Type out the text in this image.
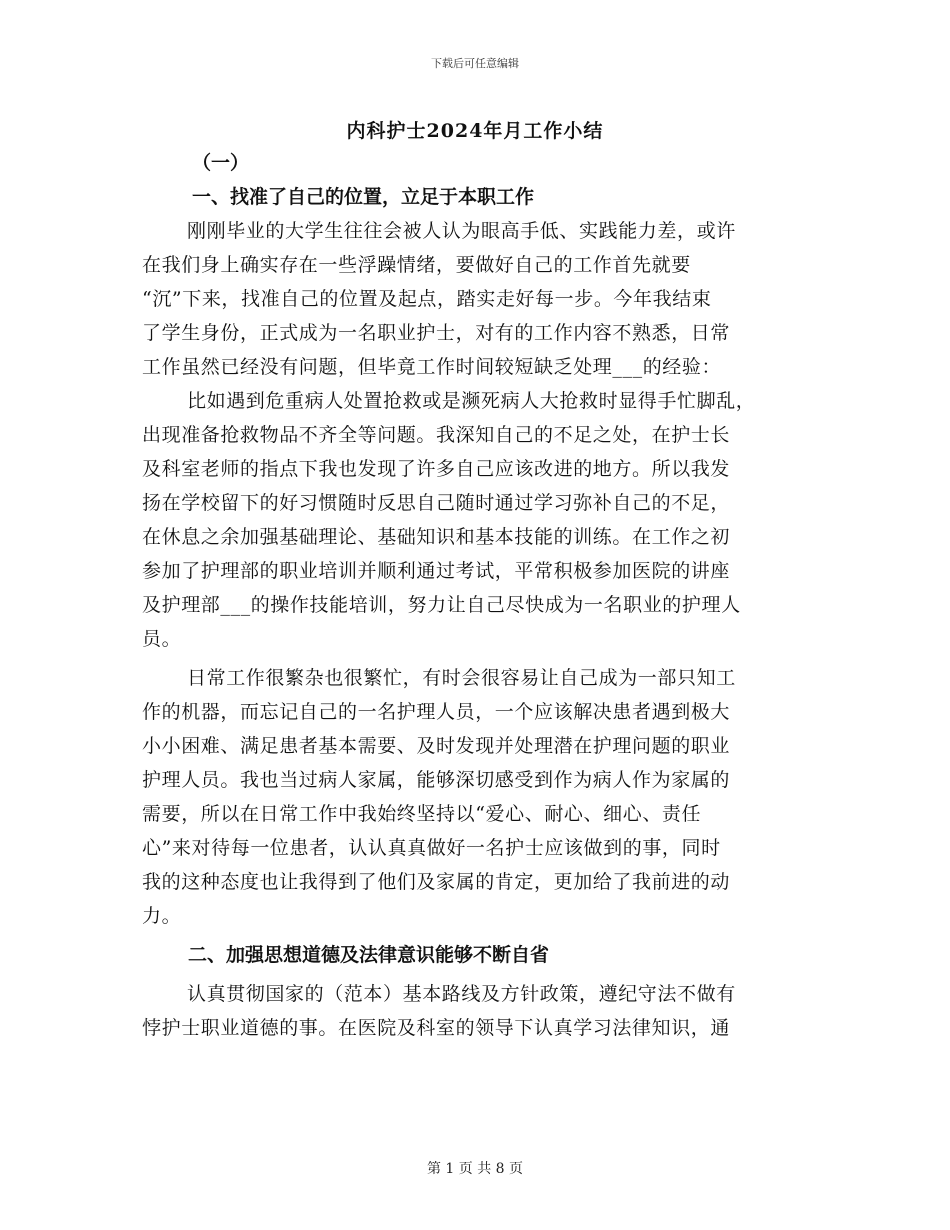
下载后可任意编辑
内科护士2024年月工作小结
（一）
一、找准了自己的位置，立足于本职工作
刚刚毕业的大学生往往会被人认为眼高手低、实践能力差，或许
在我们身上确实存在一些浮躁情绪，要做好自己的工作首先就要
“沉”下来，找准自己的位置及起点，踏实走好每一步。今年我结束
了学生身份，正式成为一名职业护士，对有的工作内容不熟悉，日常
工作虽然已经没有问题，但毕竟工作时间较短缺乏处理___的经验：
比如遇到危重病人处置抢救或是濒死病人大抢救时显得手忙脚乱，
出现准备抢救物品不齐全等问题。我深知自己的不足之处，在护士长
及科室老师的指点下我也发现了许多自己应该改进的地方。所以我发
扬在学校留下的好习惯随时反思自己随时通过学习弥补自己的不足，
在休息之余加强基础理论、基础知识和基本技能的训练。在工作之初
参加了护理部的职业培训并顺利通过考试，平常积极参加医院的讲座
及护理部___的操作技能培训，努力让自己尽快成为一名职业的护理人
员。
日常工作很繁杂也很繁忙，有时会很容易让自己成为一部只知工
作的机器，而忘记自己的一名护理人员，一个应该解决患者遇到极大
小小困难、满足患者基本需要、及时发现并处理潜在护理问题的职业
护理人员。我也当过病人家属，能够深切感受到作为病人作为家属的
需要，所以在日常工作中我始终坚持以“爱心、耐心、细心、责任
心”来对待每一位患者，认认真真做好一名护士应该做到的事，同时
我的这种态度也让我得到了他们及家属的肯定，更加给了我前进的动
力。
二、加强思想道德及法律意识能够不断自省
认真贯彻国家的（范本）基本路线及方针政策，遵纪守法不做有
悖护士职业道德的事。在医院及科室的领导下认真学习法律知识，通
第 1 页 共 8 页
